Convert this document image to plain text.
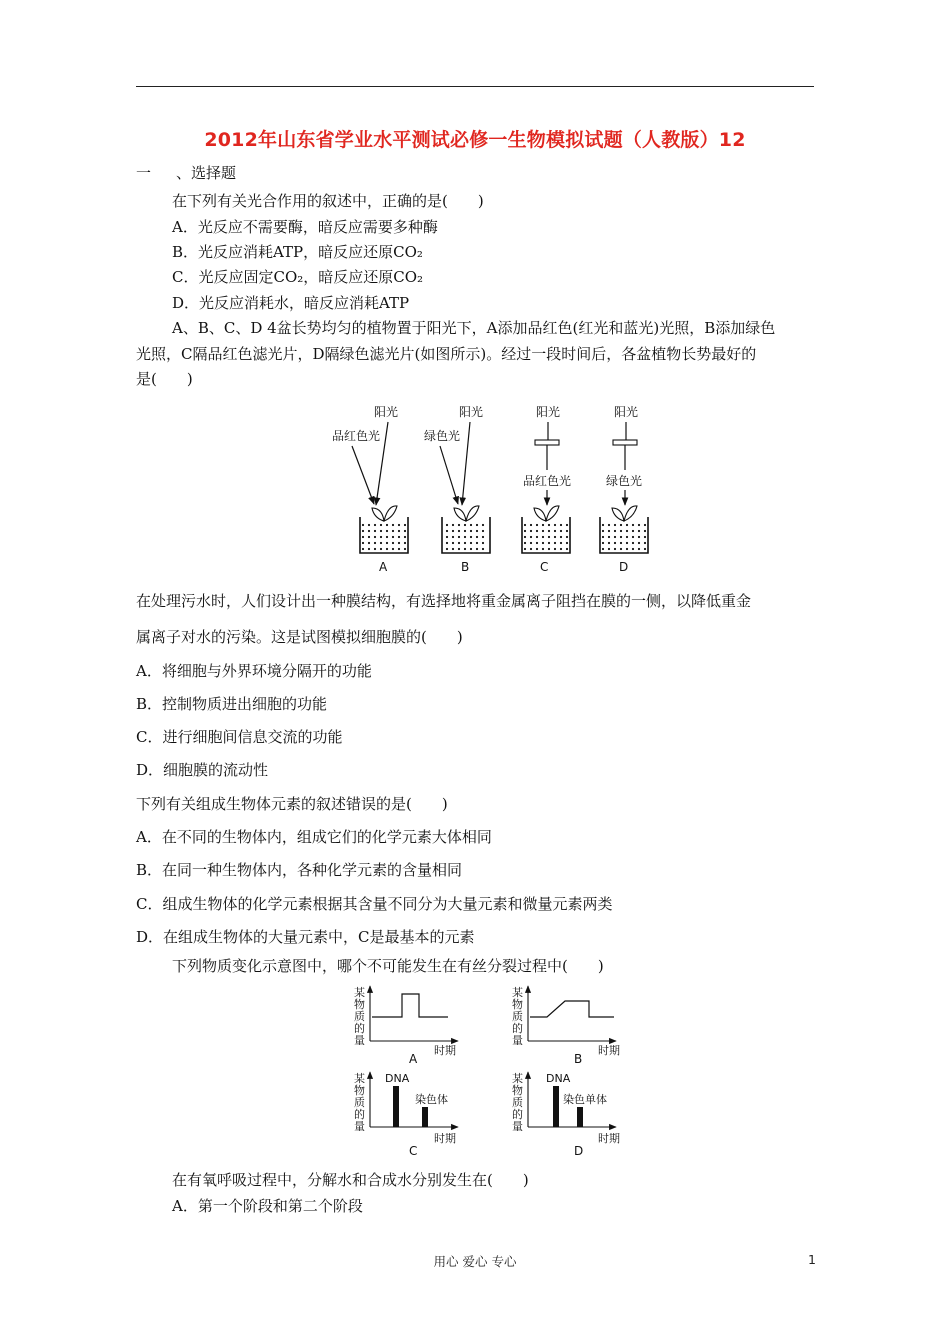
2012年山东省学业水平测试必修一生物模拟试题（人教版）12
一 、选择题
在下列有关光合作用的叙述中，正确的是(　　)
A．光反应不需要酶，暗反应需要多种酶
B．光反应消耗ATP，暗反应还原CO₂
C．光反应固定CO₂，暗反应还原CO₂
D．光反应消耗水，暗反应消耗ATP
A、B、C、D 4盆长势均匀的植物置于阳光下，A添加品红色(红光和蓝光)光照，B添加绿色
光照，C隔品红色滤光片，D隔绿色滤光片(如图所示)。经过一段时间后，各盆植物长势最好的
是(　　)
阳光
品红色光
A
阳光
绿色光
B
阳光
品红色光
C
阳光
绿色光
D
某
物
质
的
量
时期
A
某
物
质
的
量
时期
B
某
物
质
的
量
DNA
染色体
时期
C
某
物
质
的
量
DNA
染色单体
时期
D
在处理污水时，人们设计出一种膜结构，有选择地将重金属离子阻挡在膜的一侧，以降低重金
属离子对水的污染。这是试图模拟细胞膜的(　　)
A．将细胞与外界环境分隔开的功能
B．控制物质进出细胞的功能
C．进行细胞间信息交流的功能
D．细胞膜的流动性
下列有关组成生物体元素的叙述错误的是(　　)
A．在不同的生物体内，组成它们的化学元素大体相同
B．在同一种生物体内，各种化学元素的含量相同
C．组成生物体的化学元素根据其含量不同分为大量元素和微量元素两类
D．在组成生物体的大量元素中，C是最基本的元素
下列物质变化示意图中，哪个不可能发生在有丝分裂过程中(　　)
在有氧呼吸过程中，分解水和合成水分别发生在(　　)
A．第一个阶段和第二个阶段
用心 爱心 专心	1
